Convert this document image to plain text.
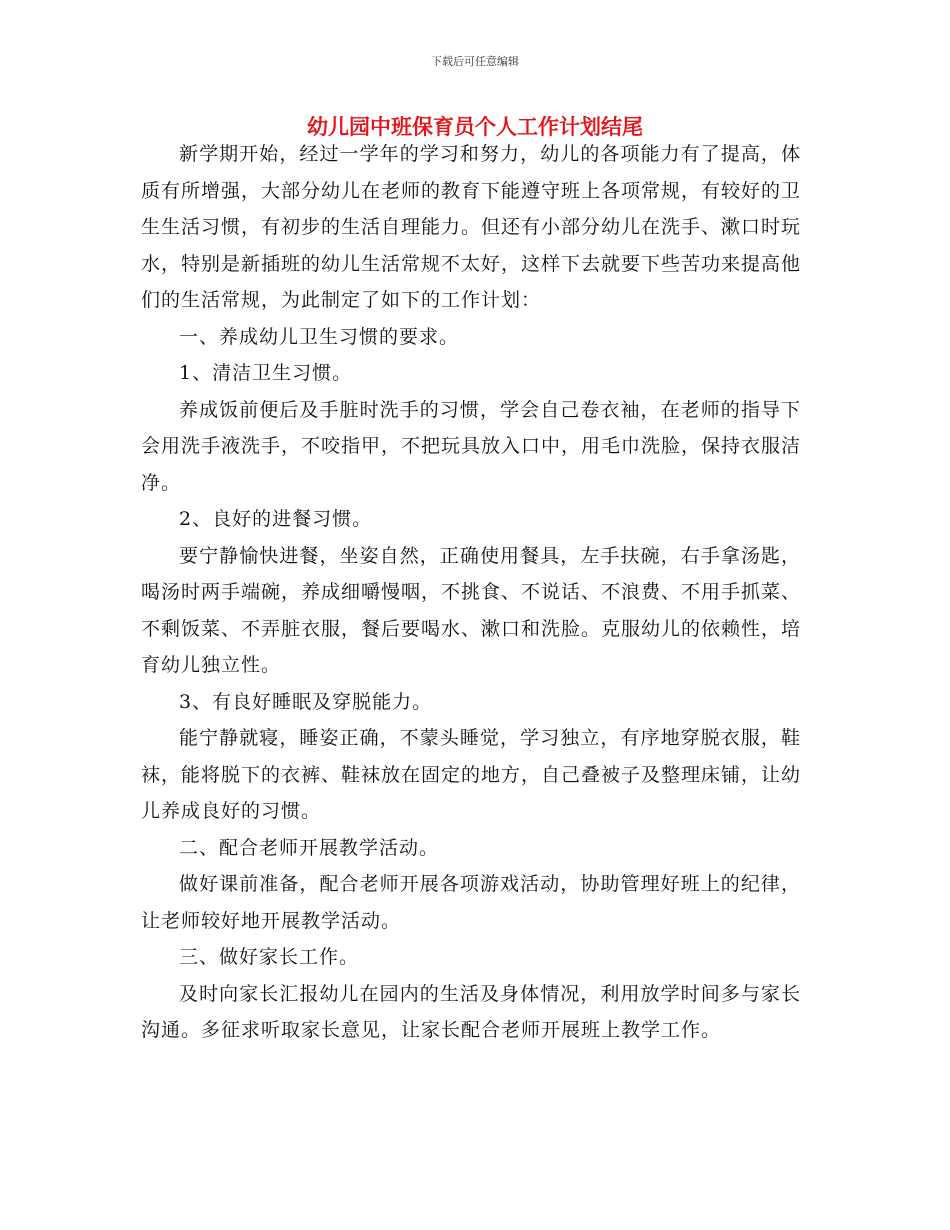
下载后可任意编辑
幼儿园中班保育员个人工作计划结尾

新学期开始，经过一学年的学习和努力，幼儿的各项能力有了提高，体质有所增强，大部分幼儿在老师的教育下能遵守班上各项常规，有较好的卫生生活习惯，有初步的生活自理能力。但还有小部分幼儿在洗手、漱口时玩水，特别是新插班的幼儿生活常规不太好，这样下去就要下些苦功来提高他们的生活常规，为此制定了如下的工作计划：

一、养成幼儿卫生习惯的要求。

1、清洁卫生习惯。

养成饭前便后及手脏时洗手的习惯，学会自己卷衣袖，在老师的指导下会用洗手液洗手，不咬指甲，不把玩具放入口中，用毛巾洗脸，保持衣服洁净。

2、良好的进餐习惯。

要宁静愉快进餐，坐姿自然，正确使用餐具，左手扶碗，右手拿汤匙，喝汤时两手端碗，养成细嚼慢咽，不挑食、不说话、不浪费、不用手抓菜、不剩饭菜、不弄脏衣服，餐后要喝水、漱口和洗脸。克服幼儿的依赖性，培育幼儿独立性。

3、有良好睡眠及穿脱能力。

能宁静就寝，睡姿正确，不蒙头睡觉，学习独立，有序地穿脱衣服，鞋袜，能将脱下的衣裤、鞋袜放在固定的地方，自己叠被子及整理床铺，让幼儿养成良好的习惯。

二、配合老师开展教学活动。

做好课前准备，配合老师开展各项游戏活动，协助管理好班上的纪律，让老师较好地开展教学活动。

三、做好家长工作。

及时向家长汇报幼儿在园内的生活及身体情况，利用放学时间多与家长沟通。多征求听取家长意见，让家长配合老师开展班上教学工作。
